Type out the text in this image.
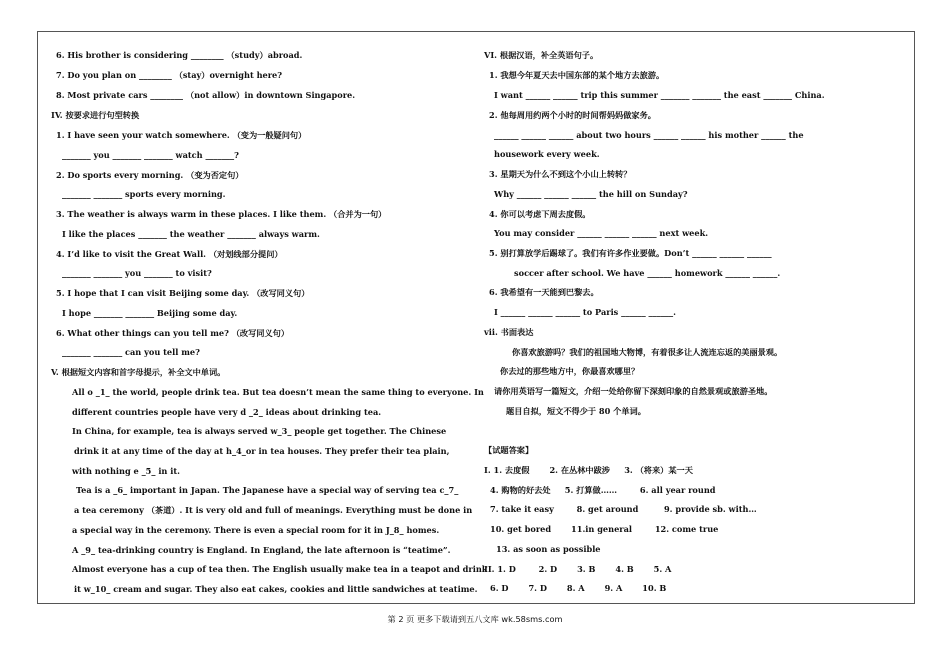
6. His brother is considering ________ （study）abroad.
7. Do you plan on ________ （stay）overnight here?
8. Most private cars ________ （not allow）in downtown Singapore.
IV. 按要求进行句型转换
1. I have seen your watch somewhere. （变为一般疑问句）
_______ you _______ _______ watch _______?
2. Do sports every morning. （变为否定句）
_______ _______ sports every morning.
3. The weather is always warm in these places. I like them. （合并为一句）
I like the places _______ the weather _______ always warm.
4. I’d like to visit the Great Wall. （对划线部分提问）
_______ _______ you _______ to visit?
5. I hope that I can visit Beijing some day. （改写同义句）
I hope _______ _______ Beijing some day.
6. What other things can you tell me? （改写同义句）
_______ _______ can you tell me?
V. 根据短文内容和首字母提示，补全文中单词。
All o _1_ the world, people drink tea. But tea doesn’t mean the same thing to everyone. In
different countries people have very d _2_ ideas about drinking tea.
In China, for example, tea is always served w_3_ people get together. The Chinese
drink it at any time of the day at h_4_or in tea houses. They prefer their tea plain,
with nothing e _5_ in it.
Tea is a _6_ important in Japan. The Japanese have a special way of serving tea c_7_
a tea ceremony （茶道）. It is very old and full of meanings. Everything must be done in
a special way in the ceremony. There is even a special room for it in J_8_ homes.
A _9_ tea-drinking country is England. In England, the late afternoon is “teatime”.
Almost everyone has a cup of tea then. The English usually make tea in a teapot and drink
it w_10_ cream and sugar. They also eat cakes, cookies and little sandwiches at teatime.
VI. 根据汉语，补全英语句子。
1. 我想今年夏天去中国东部的某个地方去旅游。
I want ______ ______ trip this summer _______ _______ the east _______ China.
2. 他每周用约两个小时的时间帮妈妈做家务。
______ ______ ______ about two hours ______ ______ his mother ______ the
housework every week.
3. 星期天为什么不到这个小山上转转？
Why ______ ______ ______ the hill on Sunday?
4. 你可以考虑下周去度假。
You may consider ______ ______ ______ next week.
5. 别打算放学后踢球了。我们有许多作业要做。Don’t ______ ______ ______
soccer after school. We have ______ homework ______ ______.
6. 我希望有一天能到巴黎去。
I ______ ______ ______ to Paris ______ ______.
vii. 书面表达
你喜欢旅游吗？我们的祖国地大物博，有着很多让人流连忘返的美丽景观。
你去过的那些地方中，你最喜欢哪里？
请你用英语写一篇短文，介绍一处给你留下深刻印象的自然景观或旅游圣地。
题目自拟，短文不得少于 80 个单词。
【试题答案】
I. 1. 去度假       2. 在丛林中跋涉     3. （将来）某一天
4. 购物的好去处     5. 打算做……        6. all year round
7. take it easy        8. get around         9. provide sb. with…
10. get bored       11.in general        12. come true
13. as soon as possible
II. 1. D        2. D       3. B       4. B       5. A
6. D       7. D       8. A       9. A       10. B
第 2 页 更多下载请到五八文库 wk.58sms.com
